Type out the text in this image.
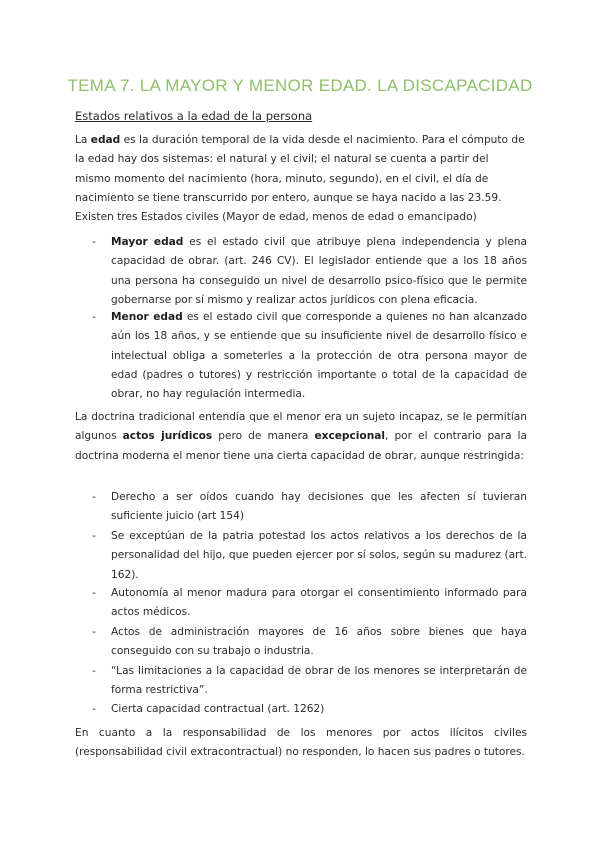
TEMA 7. LA MAYOR Y MENOR EDAD. LA DISCAPACIDAD
Estados relativos a la edad de la persona
La edad es la duración temporal de la vida desde el nacimiento. Para el cómputo de la edad hay dos sistemas: el natural y el civil; el natural se cuenta a partir del mismo momento del nacimiento (hora, minuto, segundo), en el civil, el día de nacimiento se tiene transcurrido por entero, aunque se haya nacido a las 23.59. Existen tres Estados civiles (Mayor de edad, menos de edad o emancipado)
- Mayor edad es el estado civil que atribuye plena independencia y plena capacidad de obrar. (art. 246 CV). El legislador entiende que a los 18 años una persona ha conseguido un nivel de desarrollo psico-físico que le permite gobernarse por sí mismo y realizar actos jurídicos con plena eficacia.
- Menor edad es el estado civil que corresponde a quienes no han alcanzado aún los 18 años, y se entiende que su insuficiente nivel de desarrollo físico e intelectual obliga a someterles a la protección de otra persona mayor de edad (padres o tutores) y restricción importante o total de la capacidad de obrar, no hay regulación intermedia.
La doctrina tradicional entendía que el menor era un sujeto incapaz, se le permitían algunos actos jurídicos pero de manera excepcional, por el contrario para la doctrina moderna el menor tiene una cierta capacidad de obrar, aunque restringida:
- Derecho a ser oídos cuando hay decisiones que les afecten sí tuvieran suficiente juicio (art 154)
- Se exceptúan de la patria potestad los actos relativos a los derechos de la personalidad del hijo, que pueden ejercer por sí solos, según su madurez (art. 162).
- Autonomía al menor madura para otorgar el consentimiento informado para actos médicos.
- Actos de administración mayores de 16 años sobre bienes que haya conseguido con su trabajo o industria.
- “Las limitaciones a la capacidad de obrar de los menores se interpretarán de forma restrictiva”.
- Cierta capacidad contractual (art. 1262)
En cuanto a la responsabilidad de los menores por actos ilícitos civiles (responsabilidad civil extracontractual) no responden, lo hacen sus padres o tutores.
